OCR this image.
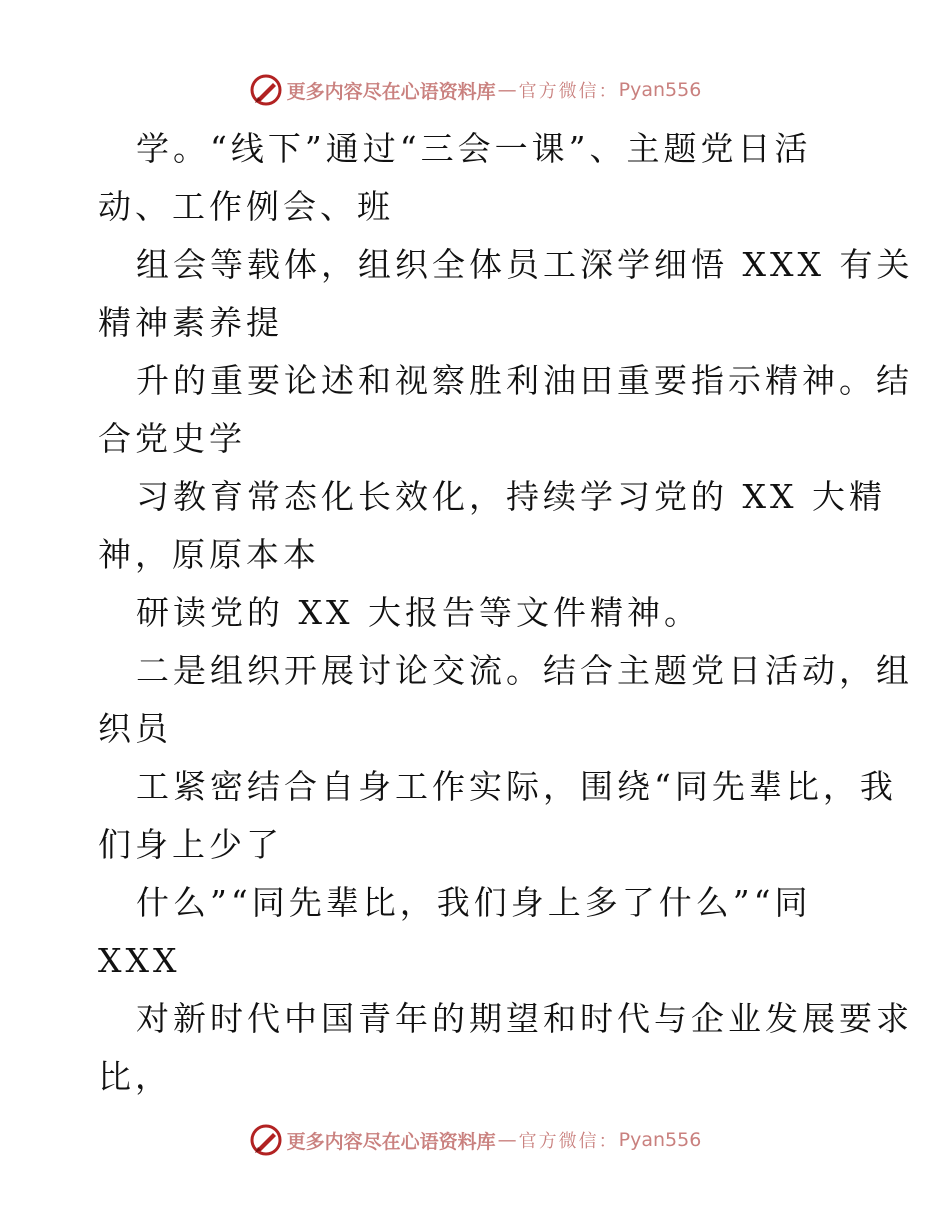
更多内容尽在心语资料库 — 官方微信： Pyan556
学。“线下”通过“三会一课”、主题党日活
动、工作例会、班
组会等载体，组织全体员工深学细悟 XXX 有关
精神素养提
升的重要论述和视察胜利油田重要指示精神。结
合党史学
习教育常态化长效化，持续学习党的 XX 大精
神，原原本本
研读党的 XX 大报告等文件精神。
二是组织开展讨论交流。结合主题党日活动，组
织员
工紧密结合自身工作实际，围绕“同先辈比，我
们身上少了
什么”“同先辈比，我们身上多了什么”“同
XXX
对新时代中国青年的期望和时代与企业发展要求
比，
更多内容尽在心语资料库 — 官方微信： Pyan556
